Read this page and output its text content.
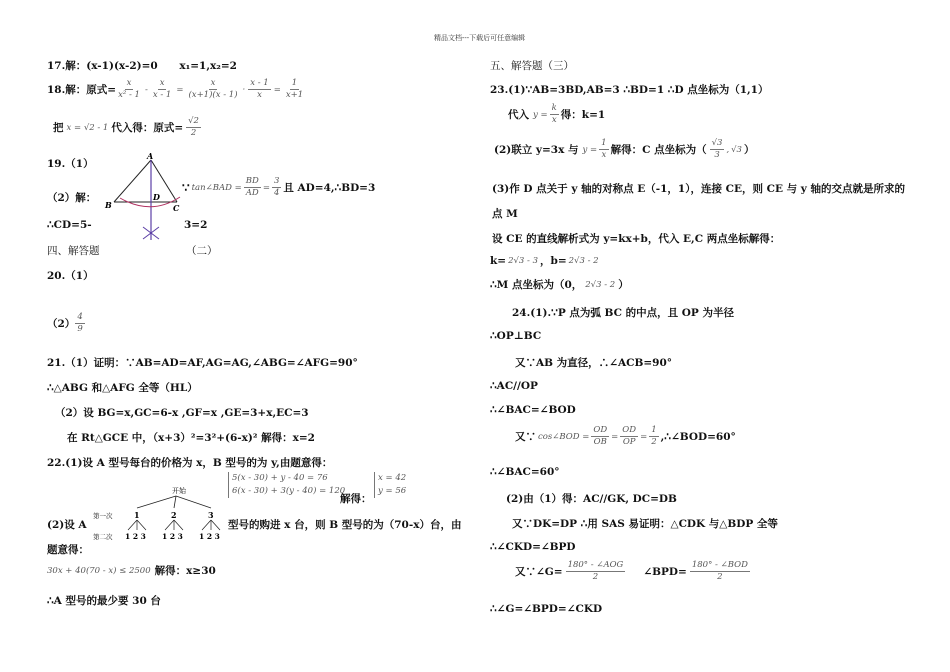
精品文档---下载后可任意编辑
17.解：(x-1)(x-2)=0 x₁=1,x₂=2
18.解：原式= $\frac{x}{\text{x² - 1}} - \frac{x}{x - 1} = \frac{x}{(x+1)(x - 1)} \cdot \frac{x - 1}{x} = \frac{1}{x+1}$
把 x = √2 - 1 代入得：原式= $\frac{√2}{2}$
19.（1）
A
B
D
C
（2）解：
∵ tan∠BAD = $\frac{BD}{AD} = \frac{3}{4}$ 且 AD=4,∴BD=3
∴CD=5-	3=2
四、解答题	（二）
20.（1）
$(2) \frac{4}{9}$
21.（1）证明：∵AB=AD=AF,AG=AG,∠ABG=∠AFG=90°
∴△ABG 和△AFG 全等（HL）
（2）设 BG=x,GC=6-x ,GF=x ,GE=3+x,EC=3
在 Rt△GCE 中，（x+3）²=3²+(6-x)² 解得：x=2
22.(1)设 A 型号每台的价格为 x，B 型号的为 y,由题意得：
5(x - 30) + y - 40 = 76
6(x - 30) + 3(y - 40) = 120
解得：
x = 42
y = 56
开始
第一次	1	2	3
第二次 1 2 3 1 2 3 1 2 3
(2)设 A	型号的购进 x 台，则 B 型号的为（70-x）台，由
题意得：
30x + 40(70 - x) ≤ 2500 解得：x≥30
∴A 型号的最少要 30 台
五、解答题（三）
23.(1)∵AB=3BD,AB=3 ∴BD=1 ∴D 点坐标为（1,1）
代入 $y = \frac{k}{x}$ 得：k=1
(2)联立 y=3x 与 $y = \frac{1}{x}$ 解得：C 点坐标为（ $\frac{√3}{3}$ , √3 ）
(3)作 D 点关于 y 轴的对称点 E（-1，1），连接 CE，则 CE 与 y 轴的交点就是所求的
点 M
设 CE 的直线解析式为 y=kx+b，代入 E,C 两点坐标解得：
k= 2√3 - 3 ，b= 2√3 - 2
∴M 点坐标为（0， 2√3 - 2 ）
24.(1).∵P 点为弧 BC 的中点，且 OP 为半径
∴OP⊥BC
又∵AB 为直径，∴∠ACB=90°
∴AC//OP
∴∠BAC=∠BOD
又∵ cos∠BOD = $\frac{OD}{OB} = \frac{OD}{OP} = \frac{1}{2}$ ,∴∠BOD=60°
∴∠BAC=60°
(2)由（1）得：AC//GK, DC=DB
又∵DK=DP ∴用 SAS 易证明：△CDK 与△BDP 全等
∴∠CKD=∠BPD
又∵∠G= $\frac{\text{180° - ∠AOG}}{2}$ ∠BPD= $\frac{\text{180° - ∠BOD}}{2}$
∴∠G=∠BPD=∠CKD
